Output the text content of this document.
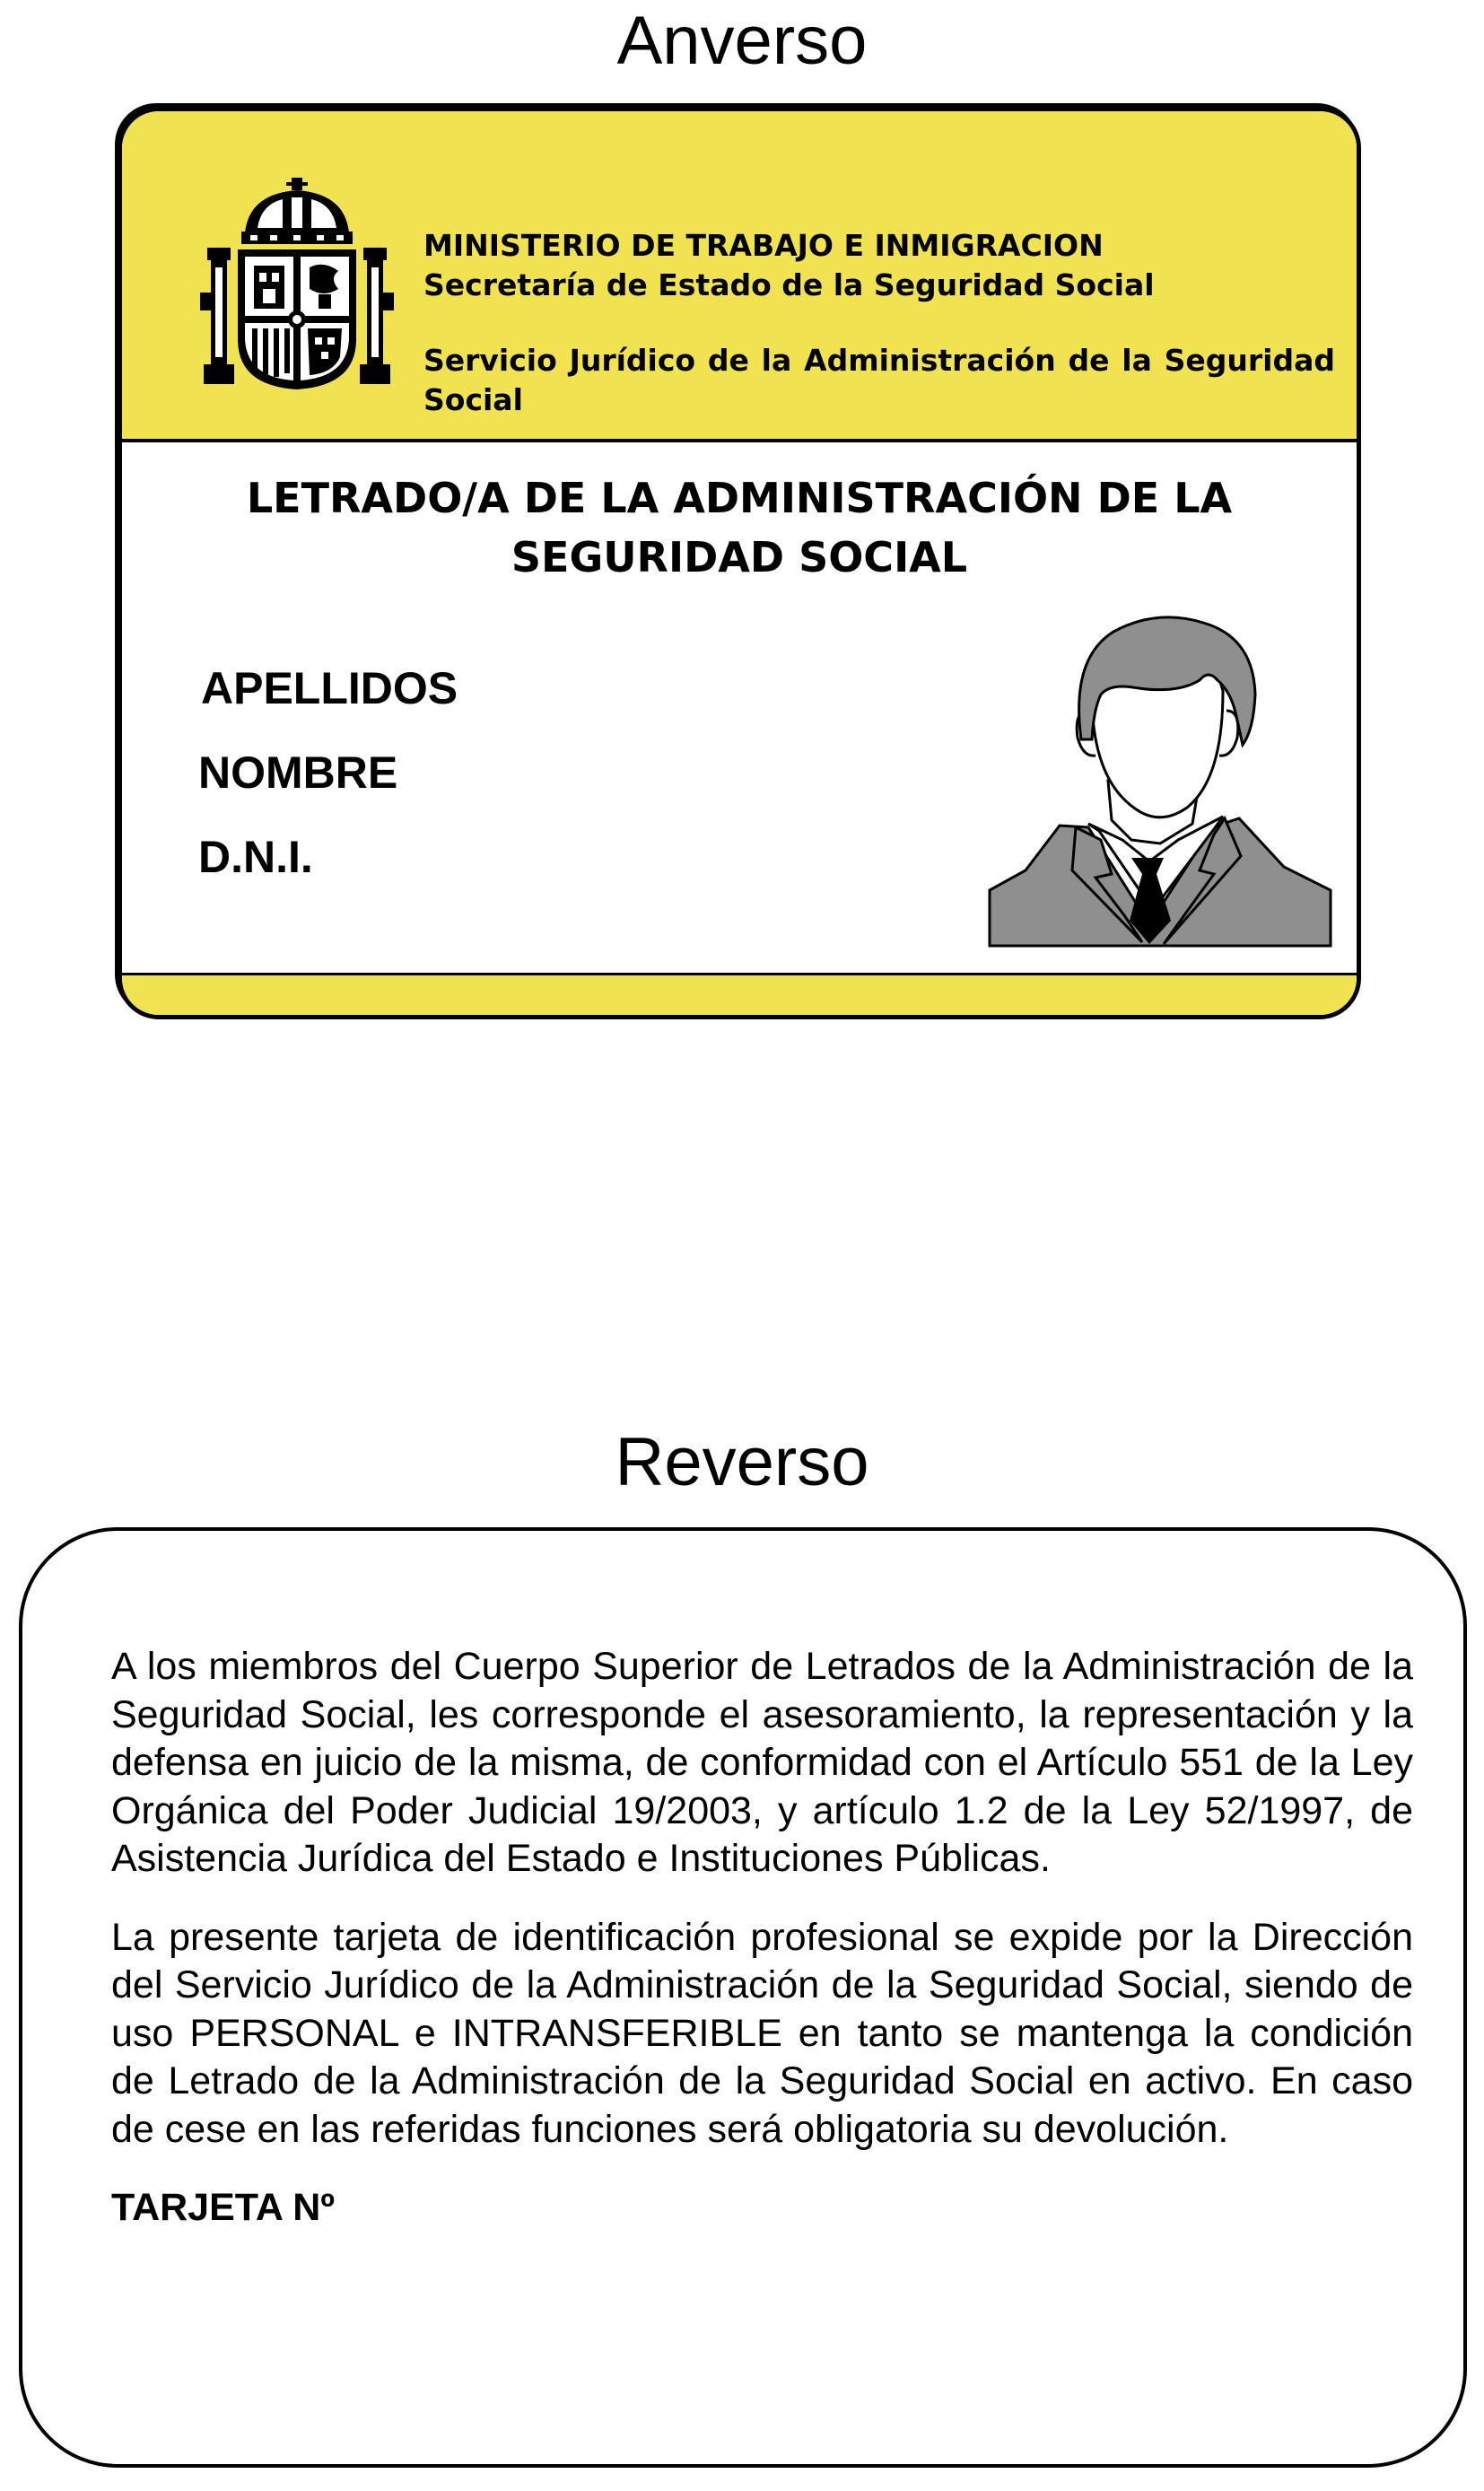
Anverso
MINISTERIO DE TRABAJO E INMIGRACION
Secretaría de Estado de la Seguridad Social
Servicio Jurídico de la Administración de la Seguridad Social
LETRADO/A DE LA ADMINISTRACIÓN DE LA SEGURIDAD SOCIAL

APELLIDOS

NOMBRE

D.N.I.

Reverso

A los miembros del Cuerpo Superior de Letrados de la Administración de la Seguridad Social, les corresponde el asesoramiento, la representación y la defensa en juicio de la misma, de conformidad con el Artículo 551 de la Ley Orgánica del Poder Judicial 19/2003, y artículo 1.2 de la Ley 52/1997, de Asistencia Jurídica del Estado e Instituciones Públicas.

La presente tarjeta de identificación profesional se expide por la Dirección del Servicio Jurídico de la Administración de la Seguridad Social, siendo de uso PERSONAL e INTRANSFERIBLE en tanto se mantenga la condición de Letrado de la Administración de la Seguridad Social en activo. En caso de cese en las referidas funciones será obligatoria su devolución.

TARJETA Nº
